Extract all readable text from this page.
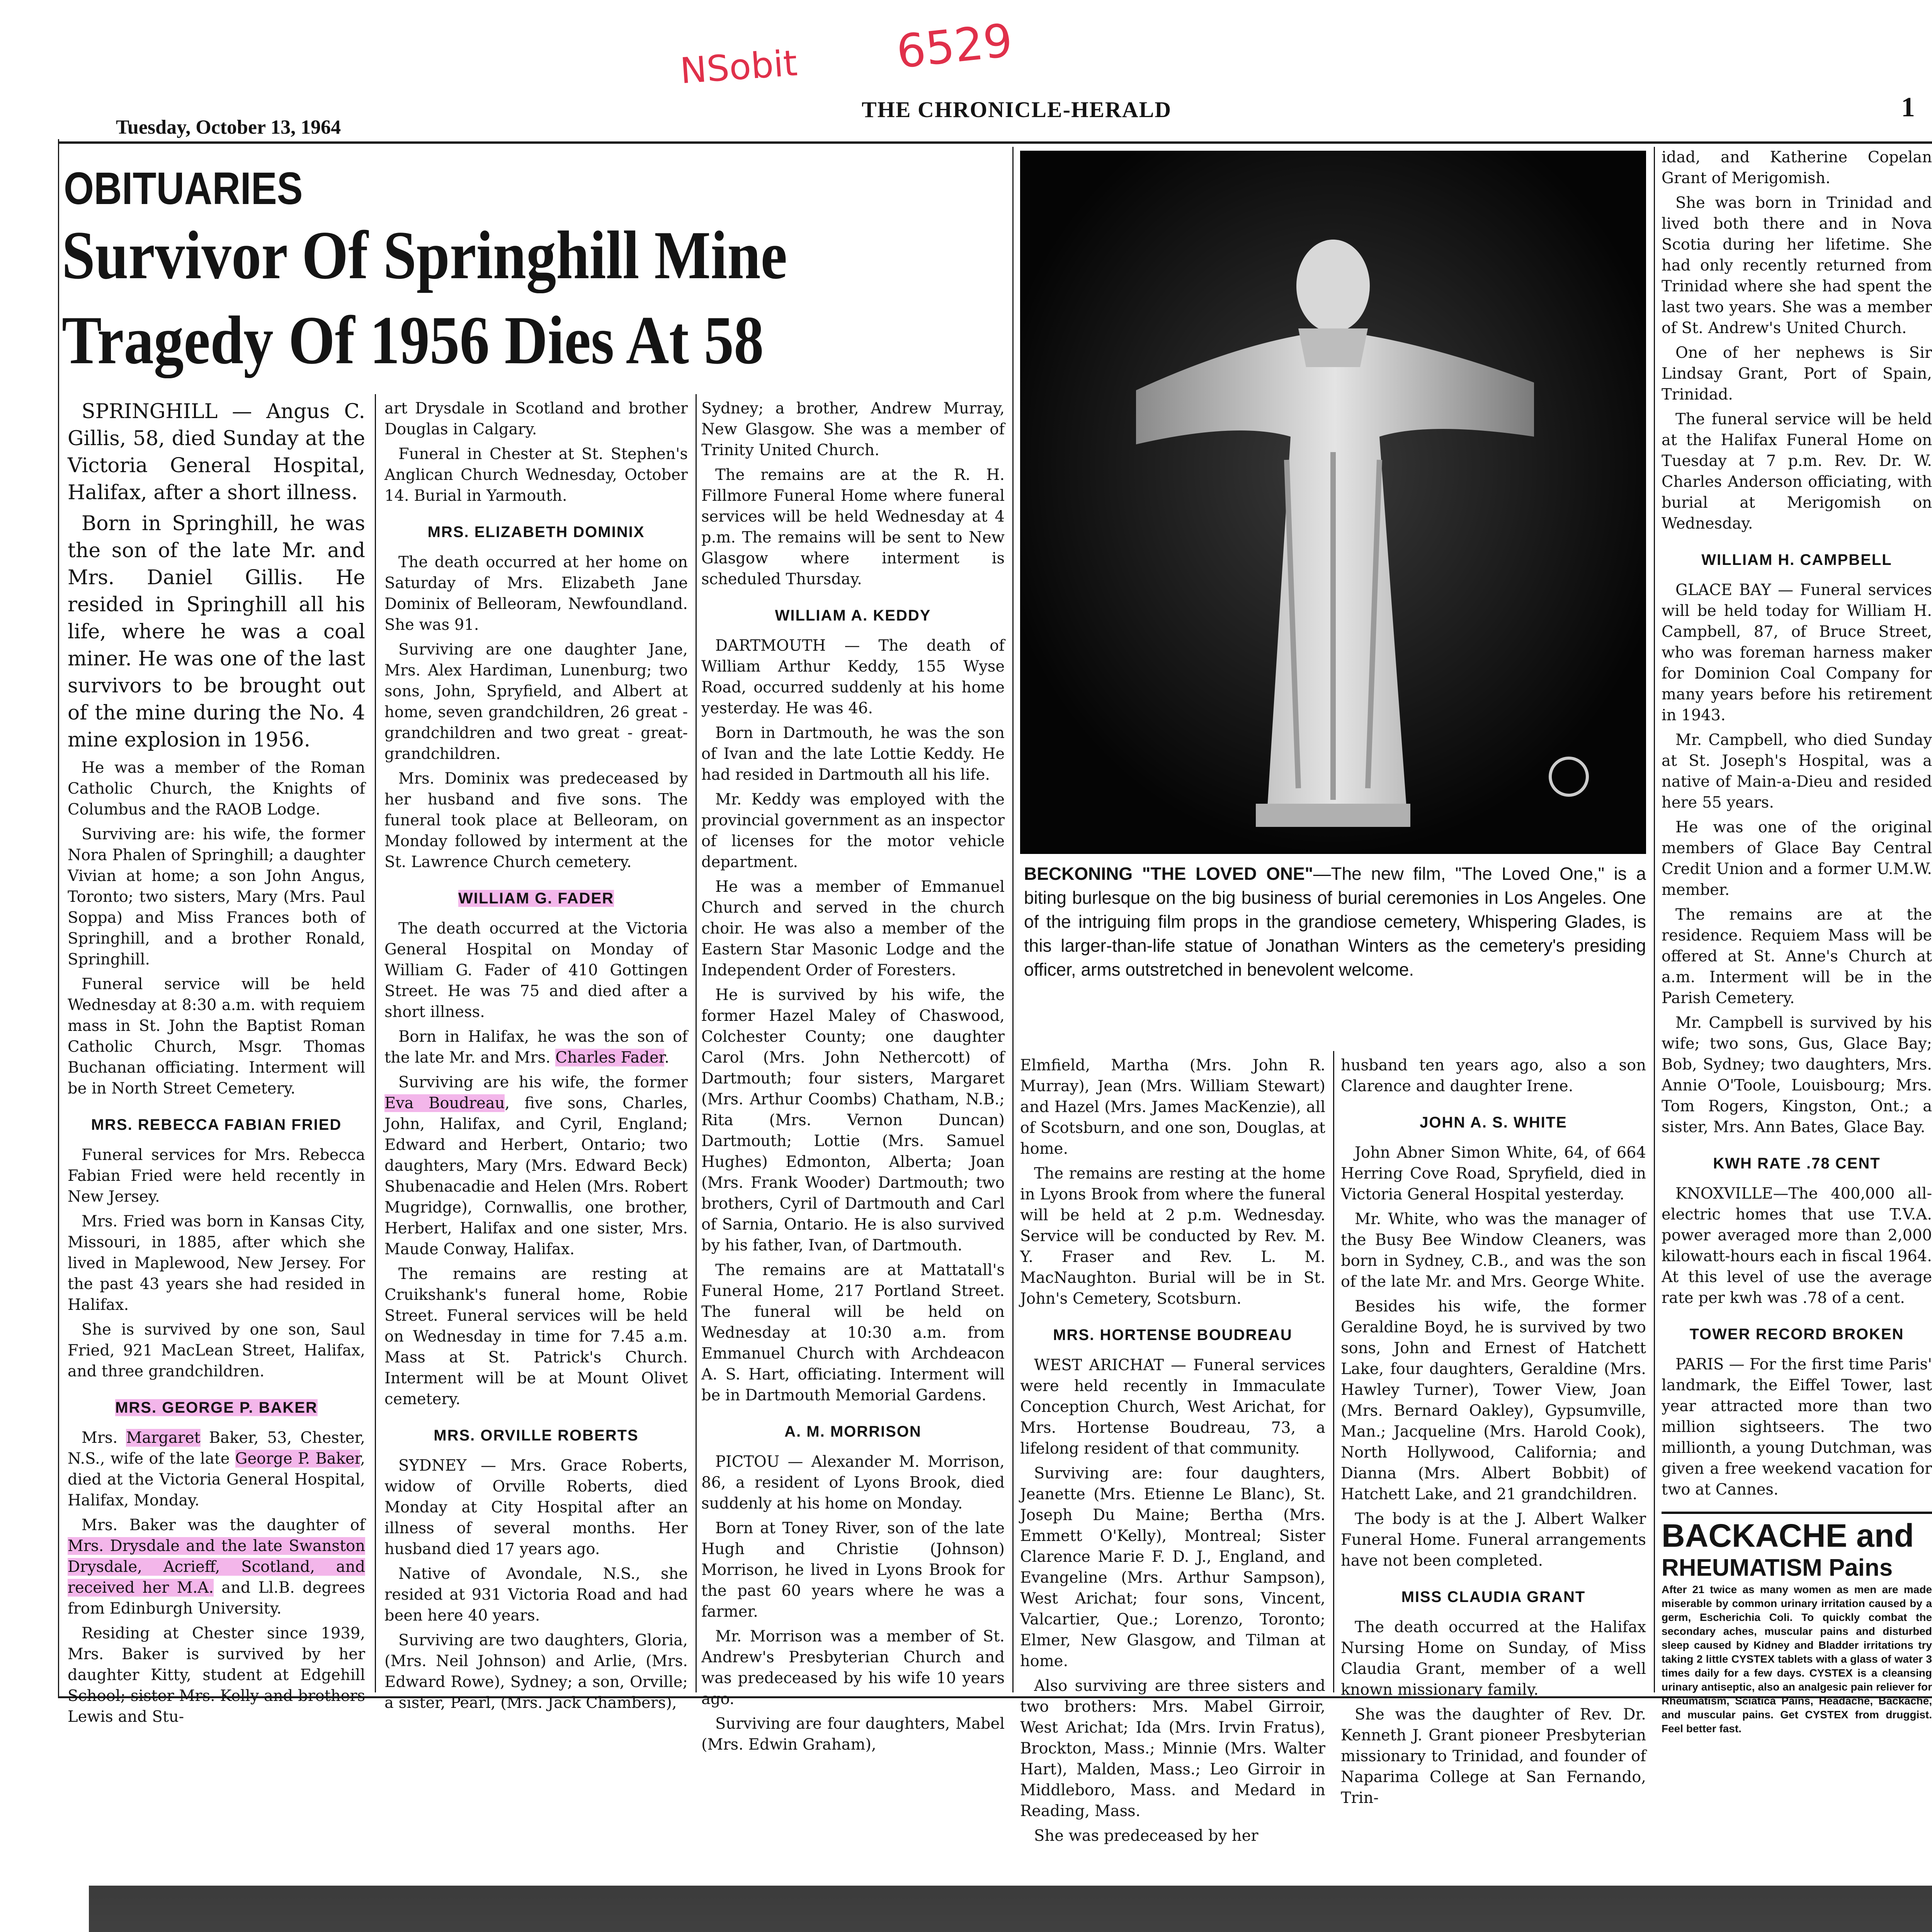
NSobit 6529
Tuesday, October 13, 1964
THE CHRONICLE-HERALD	1
OBITUARIES
Survivor Of Springhill Mine
Tragedy Of 1956 Dies At 58

SPRINGHILL — Angus C. Gillis, 58, died Sunday at the Victoria General Hospital, Halifax, after a short illness.

Born in Springhill, he was the son of the late Mr. and Mrs. Daniel Gillis. He resided in Springhill all his life, where he was a coal miner. He was one of the last survivors to be brought out of the mine during the No. 4 mine explosion in 1956.

He was a member of the Roman Catholic Church, the Knights of Columbus and the RAOB Lodge.

Surviving are: his wife, the former Nora Phalen of Springhill; a daughter Vivian at home; a son John Angus, Toronto; two sisters, Mary (Mrs. Paul Soppa) and Miss Frances both of Springhill, and a brother Ronald, Springhill.

Funeral service will be held Wednesday at 8:30 a.m. with requiem mass in St. John the Baptist Roman Catholic Church, Msgr. Thomas Buchanan officiating. Interment will be in North Street Cemetery.

MRS. REBECCA FABIAN FRIED

Funeral services for Mrs. Rebecca Fabian Fried were held recently in New Jersey.

Mrs. Fried was born in Kansas City, Missouri, in 1885, after which she lived in Maplewood, New Jersey. For the past 43 years she had resided in Halifax.

She is survived by one son, Saul Fried, 921 MacLean Street, Halifax, and three grandchildren.

MRS. GEORGE P. BAKER

Mrs. Margaret Baker, 53, Chester, N.S., wife of the late George P. Baker, died at the Victoria General Hospital, Halifax, Monday.

Mrs. Baker was the daughter of Mrs. Drysdale and the late Swanston Drysdale, Acrieff, Scotland, and received her M.A. and Ll.B. degrees from Edinburgh University.

Residing at Chester since 1939, Mrs. Baker is survived by her daughter Kitty, student at Edgehill School; sister Mrs. Kelly and brothers Lewis and Stu-

art Drysdale in Scotland and brother Douglas in Calgary.

Funeral in Chester at St. Stephen's Anglican Church Wednesday, October 14. Burial in Yarmouth.

MRS. ELIZABETH DOMINIX

The death occurred at her home on Saturday of Mrs. Elizabeth Jane Dominix of Belleoram, Newfoundland. She was 91.

Surviving are one daughter Jane, Mrs. Alex Hardiman, Lunenburg; two sons, John, Spryfield, and Albert at home, seven grandchildren, 26 great - grandchildren and two great - great-grandchildren.

Mrs. Dominix was predeceased by her husband and five sons. The funeral took place at Belleoram, on Monday followed by interment at the St. Lawrence Church cemetery.

WILLIAM G. FADER

The death occurred at the Victoria General Hospital on Monday of William G. Fader of 410 Gottingen Street. He was 75 and died after a short illness.

Born in Halifax, he was the son of the late Mr. and Mrs. Charles Fader.

Surviving are his wife, the former Eva Boudreau, five sons, Charles, John, Halifax, and Cyril, England; Edward and Herbert, Ontario; two daughters, Mary (Mrs. Edward Beck) Shubenacadie and Helen (Mrs. Robert Mugridge), Cornwallis, one brother, Herbert, Halifax and one sister, Mrs. Maude Conway, Halifax.

The remains are resting at Cruikshank's funeral home, Robie Street. Funeral services will be held on Wednesday in time for 7.45 a.m. Mass at St. Patrick's Church. Interment will be at Mount Olivet cemetery.

MRS. ORVILLE ROBERTS

SYDNEY — Mrs. Grace Roberts, widow of Orville Roberts, died Monday at City Hospital after an illness of several months. Her husband died 17 years ago.

Native of Avondale, N.S., she resided at 931 Victoria Road and had been here 40 years.

Surviving are two daughters, Gloria, (Mrs. Neil Johnson) and Arlie, (Mrs. Edward Rowe), Sydney; a son, Orville; a sister, Pearl, (Mrs. Jack Chambers),

Sydney; a brother, Andrew Murray, New Glasgow. She was a member of Trinity United Church.

The remains are at the R. H. Fillmore Funeral Home where funeral services will be held Wednesday at 4 p.m. The remains will be sent to New Glasgow where interment is scheduled Thursday.

WILLIAM A. KEDDY

DARTMOUTH — The death of William Arthur Keddy, 155 Wyse Road, occurred suddenly at his home yesterday. He was 46.

Born in Dartmouth, he was the son of Ivan and the late Lottie Keddy. He had resided in Dartmouth all his life.

Mr. Keddy was employed with the provincial government as an inspector of licenses for the motor vehicle department.

He was a member of Emmanuel Church and served in the church choir. He was also a member of the Eastern Star Masonic Lodge and the Independent Order of Foresters.

He is survived by his wife, the former Hazel Maley of Chaswood, Colchester County; one daughter Carol (Mrs. John Nethercott) of Dartmouth; four sisters, Margaret (Mrs. Arthur Coombs) Chatham, N.B.; Rita (Mrs. Vernon Duncan) Dartmouth; Lottie (Mrs. Samuel Hughes) Edmonton, Alberta; Joan (Mrs. Frank Wooder) Dartmouth; two brothers, Cyril of Dartmouth and Carl of Sarnia, Ontario. He is also survived by his father, Ivan, of Dartmouth.

The remains are at Mattatall's Funeral Home, 217 Portland Street. The funeral will be held on Wednesday at 10:30 a.m. from Emmanuel Church with Archdeacon A. S. Hart, officiating. Interment will be in Dartmouth Memorial Gardens.

A. M. MORRISON

PICTOU — Alexander M. Morrison, 86, a resident of Lyons Brook, died suddenly at his home on Monday.

Born at Toney River, son of the late Hugh and Christie (Johnson) Morrison, he lived in Lyons Brook for the past 60 years where he was a farmer.

Mr. Morrison was a member of St. Andrew's Presbyterian Church and was predeceased by his wife 10 years ago.

Surviving are four daughters, Mabel (Mrs. Edwin Graham),

BECKONING "THE LOVED ONE"—The new film, "The Loved One," is a biting burlesque on the big business of burial ceremonies in Los Angeles. One of the intriguing film props in the grandiose cemetery, Whispering Glades, is this larger-than-life statue of Jonathan Winters as the cemetery's presiding officer, arms outstretched in benevolent welcome.

Elmfield, Martha (Mrs. John R. Murray), Jean (Mrs. William Stewart) and Hazel (Mrs. James MacKenzie), all of Scotsburn, and one son, Douglas, at home.

The remains are resting at the home in Lyons Brook from where the funeral will be held at 2 p.m. Wednesday. Service will be conducted by Rev. M. Y. Fraser and Rev. L. M. MacNaughton. Burial will be in St. John's Cemetery, Scotsburn.

MRS. HORTENSE BOUDREAU

WEST ARICHAT — Funeral services were held recently in Immaculate Conception Church, West Arichat, for Mrs. Hortense Boudreau, 73, a lifelong resident of that community.

Surviving are: four daughters, Jeanette (Mrs. Etienne Le Blanc), St. Joseph Du Maine; Bertha (Mrs. Emmett O'Kelly), Montreal; Sister Clarence Marie F. D. J., England, and Evangeline (Mrs. Arthur Sampson), West Arichat; four sons, Vincent, Valcartier, Que.; Lorenzo, Toronto; Elmer, New Glasgow, and Tilman at home.

Also surviving are three sisters and two brothers: Mrs. Mabel Girroir, West Arichat; Ida (Mrs. Irvin Fratus), Brockton, Mass.; Minnie (Mrs. Walter Hart), Malden, Mass.; Leo Girroir in Middleboro, Mass. and Medard in Reading, Mass.

She was predeceased by her

husband ten years ago, also a son Clarence and daughter Irene.

JOHN A. S. WHITE

John Abner Simon White, 64, of 664 Herring Cove Road, Spryfield, died in Victoria General Hospital yesterday.

Mr. White, who was the manager of the Busy Bee Window Cleaners, was born in Sydney, C.B., and was the son of the late Mr. and Mrs. George White.

Besides his wife, the former Geraldine Boyd, he is survived by two sons, John and Ernest of Hatchett Lake, four daughters, Geraldine (Mrs. Hawley Turner), Tower View, Joan (Mrs. Bernard Oakley), Gypsumville, Man.; Jacqueline (Mrs. Harold Cook), North Hollywood, California; and Dianna (Mrs. Albert Bobbit) of Hatchett Lake, and 21 grandchildren.

The body is at the J. Albert Walker Funeral Home. Funeral arrangements have not been completed.

MISS CLAUDIA GRANT

The death occurred at the Halifax Nursing Home on Sunday, of Miss Claudia Grant, member of a well known missionary family.

She was the daughter of Rev. Dr. Kenneth J. Grant pioneer Presbyterian missionary to Trinidad, and founder of Naparima College at San Fernando, Trin-

idad, and Katherine Copelan Grant of Merigomish.

She was born in Trinidad and lived both there and in Nova Scotia during her lifetime. She had only recently returned from Trinidad where she had spent the last two years. She was a member of St. Andrew's United Church.

One of her nephews is Sir Lindsay Grant, Port of Spain, Trinidad.

The funeral service will be held at the Halifax Funeral Home on Tuesday at 7 p.m. Rev. Dr. W. Charles Anderson officiating, with burial at Merigomish on Wednesday.

WILLIAM H. CAMPBELL

GLACE BAY — Funeral services will be held today for William H. Campbell, 87, of Bruce Street, who was foreman harness maker for Dominion Coal Company for many years before his retirement in 1943.

Mr. Campbell, who died Sunday at St. Joseph's Hospital, was a native of Main-a-Dieu and resided here 55 years.

He was one of the original members of Glace Bay Central Credit Union and a former U.M.W. member.

The remains are at the residence. Requiem Mass will be offered at St. Anne's Church at a.m. Interment will be in the Parish Cemetery.

Mr. Campbell is survived by his wife; two sons, Gus, Glace Bay; Bob, Sydney; two daughters, Mrs. Annie O'Toole, Louisbourg; Mrs. Tom Rogers, Kingston, Ont.; a sister, Mrs. Ann Bates, Glace Bay.

KWH RATE .78 CENT

KNOXVILLE—The 400,000 all-electric homes that use T.V.A. power averaged more than 2,000 kilowatt-hours each in fiscal 1964. At this level of use the average rate per kwh was .78 of a cent.

TOWER RECORD BROKEN

PARIS — For the first time Paris' landmark, the Eiffel Tower, last year attracted more than two million sightseers. The two millionth, a young Dutchman, was given a free weekend vacation for two at Cannes.

BACKACHE and
RHEUMATISM Pains
After 21 twice as many women as men are made miserable by common urinary irritation caused by a germ, Escherichia Coli. To quickly combat the secondary aches, muscular pains and disturbed sleep caused by Kidney and Bladder irritations try taking 2 little CYSTEX tablets with a glass of water 3 times daily for a few days. CYSTEX is a cleansing urinary antiseptic, also an analgesic pain reliever for Rheumatism, Sciatica Pains, Headache, Backache, and muscular pains. Get CYSTEX from druggist. Feel better fast.
